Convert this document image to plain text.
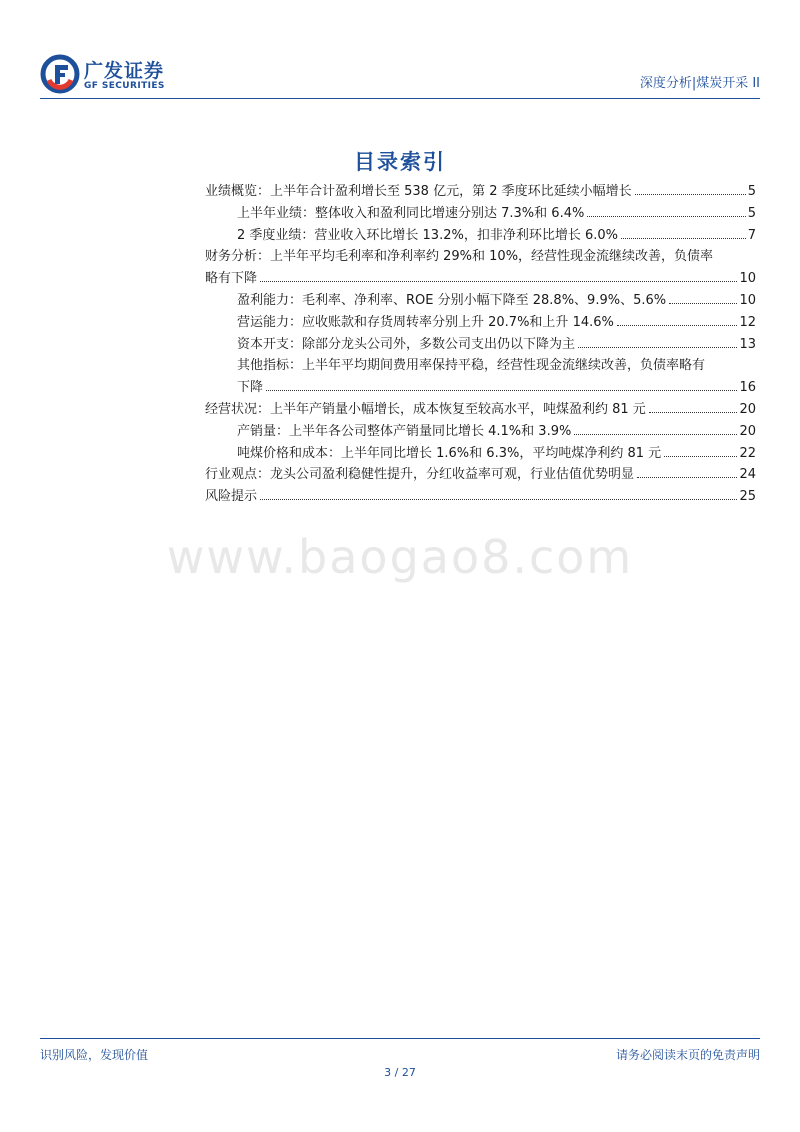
广发证券
GF SECURITIES	深度分析|煤炭开采 II
目录索引
业绩概览：上半年合计盈利增长至 538 亿元，第 2 季度环比延续小幅增长	5
上半年业绩：整体收入和盈利同比增速分别达 7.3%和 6.4%	5
2 季度业绩：营业收入环比增长 13.2%，扣非净利环比增长 6.0%	7
财务分析：上半年平均毛利率和净利率约 29%和 10%，经营性现金流继续改善，负债率
略有下降	10
盈利能力：毛利率、净利率、ROE 分别小幅下降至 28.8%、9.9%、5.6%	10
营运能力：应收账款和存货周转率分别上升 20.7%和上升 14.6%	12
资本开支：除部分龙头公司外，多数公司支出仍以下降为主	13
其他指标：上半年平均期间费用率保持平稳，经营性现金流继续改善，负债率略有
下降	16
经营状况：上半年产销量小幅增长，成本恢复至较高水平，吨煤盈利约 81 元	20
产销量：上半年各公司整体产销量同比增长 4.1%和 3.9%	20
吨煤价格和成本：上半年同比增长 1.6%和 6.3%，平均吨煤净利约 81 元	22
行业观点：龙头公司盈利稳健性提升，分红收益率可观，行业估值优势明显	24
风险提示	25
www.baogao8.com
识别风险，发现价值	请务必阅读末页的免责声明
3 / 27
